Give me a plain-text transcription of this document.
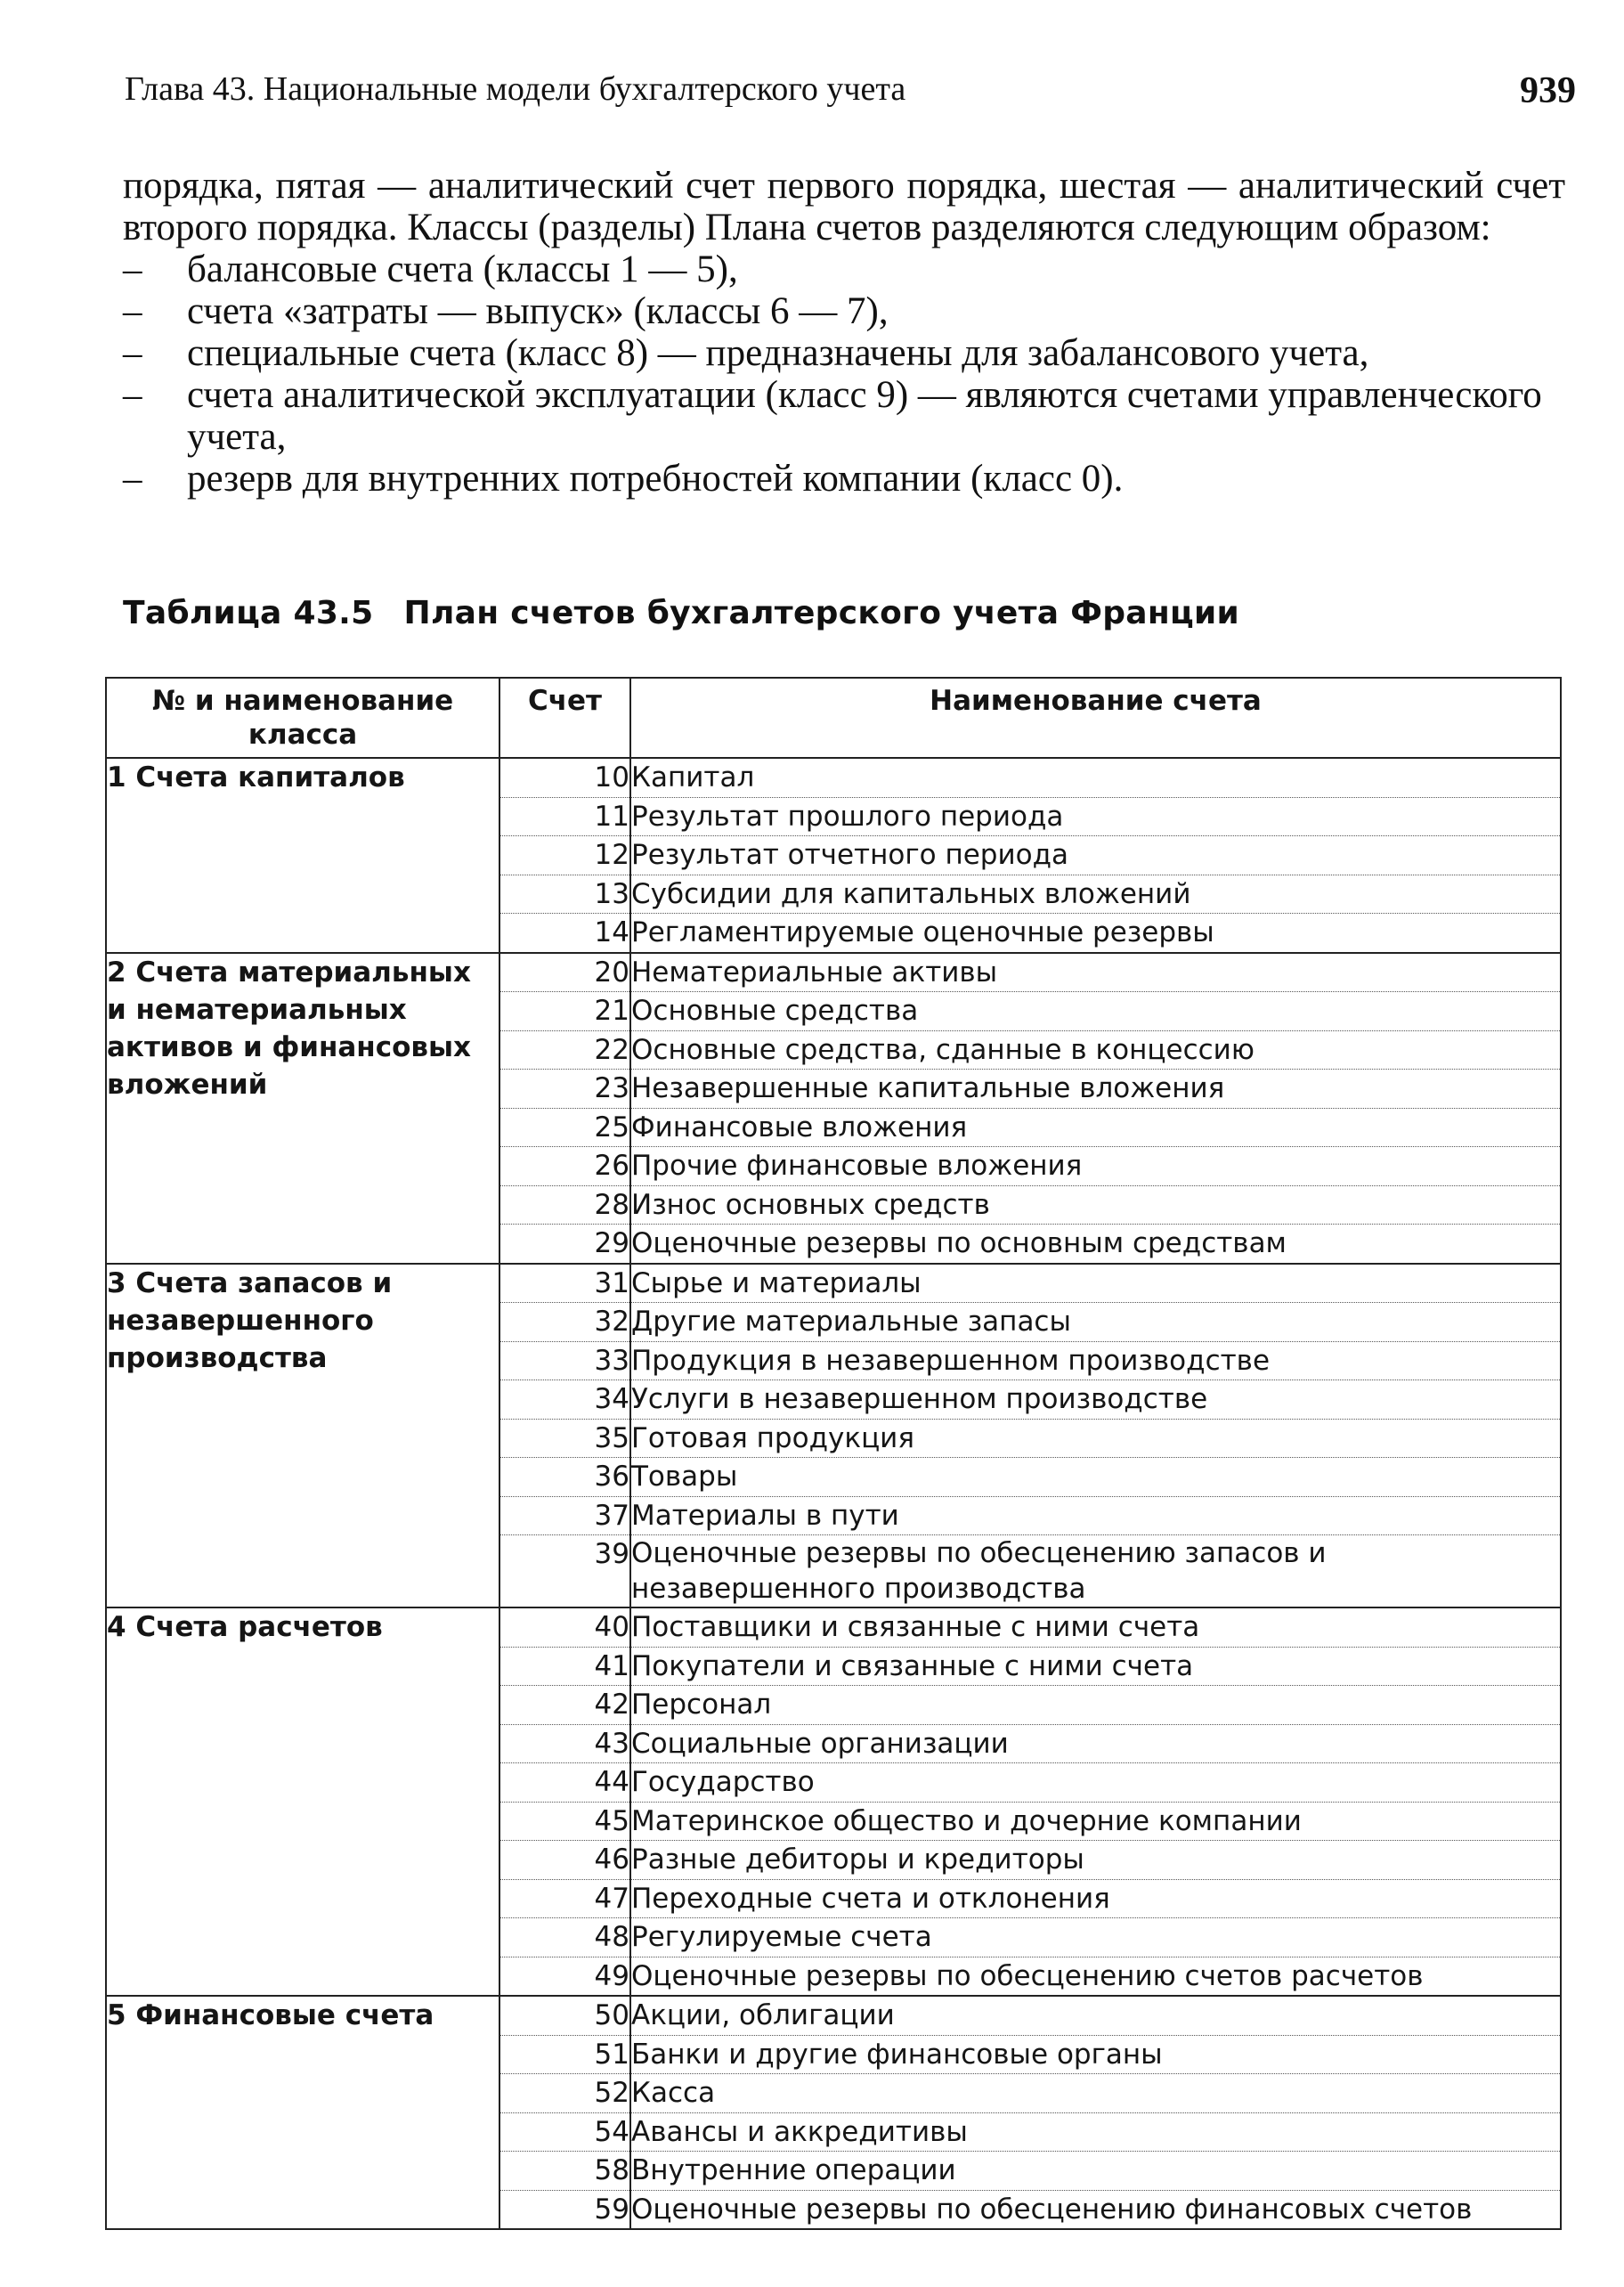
Глава 43. Национальные модели бухгалтерского учета	939

порядка, пятая — аналитический счет первого порядка, шестая — аналитический счет второго порядка. Классы (разделы) Плана счетов разделяются следующим образом:

– балансовые счета (классы 1 — 5),
– счета «затраты — выпуск» (классы 6 — 7),
– специальные счета (класс 8) — предназначены для забалансового учета,
– счета аналитической эксплуатации (класс 9) — являются счетами управленческого учета,
– резерв для внутренних потребностей компании (класс 0).
Таблица 43.5 План счетов бухгалтерского учета Франции
№ и наименование класса	Счет	Наименование счета
1 Счета капиталов	10	Капитал
	11	Результат прошлого периода
	12	Результат отчетного периода
	13	Субсидии для капитальных вложений
	14	Регламентируемые оценочные резервы
2 Счета материальных и нематериальных активов и финансовых вложений	20	Нематериальные активы
	21	Основные средства
	22	Основные средства, сданные в концессию
	23	Незавершенные капитальные вложения
	25	Финансовые вложения
	26	Прочие финансовые вложения
	28	Износ основных средств
	29	Оценочные резервы по основным средствам
3 Счета запасов и незавершенного производства	31	Сырье и материалы
	32	Другие материальные запасы
	33	Продукция в незавершенном производстве
	34	Услуги в незавершенном производстве
	35	Готовая продукция
	36	Товары
	37	Материалы в пути
	39	Оценочные резервы по обесценению запасов и незавершенного производства
4 Счета расчетов	40	Поставщики и связанные с ними счета
	41	Покупатели и связанные с ними счета
	42	Персонал
	43	Социальные организации
	44	Государство
	45	Материнское общество и дочерние компании
	46	Разные дебиторы и кредиторы
	47	Переходные счета и отклонения
	48	Регулируемые счета
	49	Оценочные резервы по обесценению счетов расчетов
5 Финансовые счета	50	Акции, облигации
	51	Банки и другие финансовые органы
	52	Касса
	54	Авансы и аккредитивы
	58	Внутренние операции
	59	Оценочные резервы по обесценению финансовых счетов
